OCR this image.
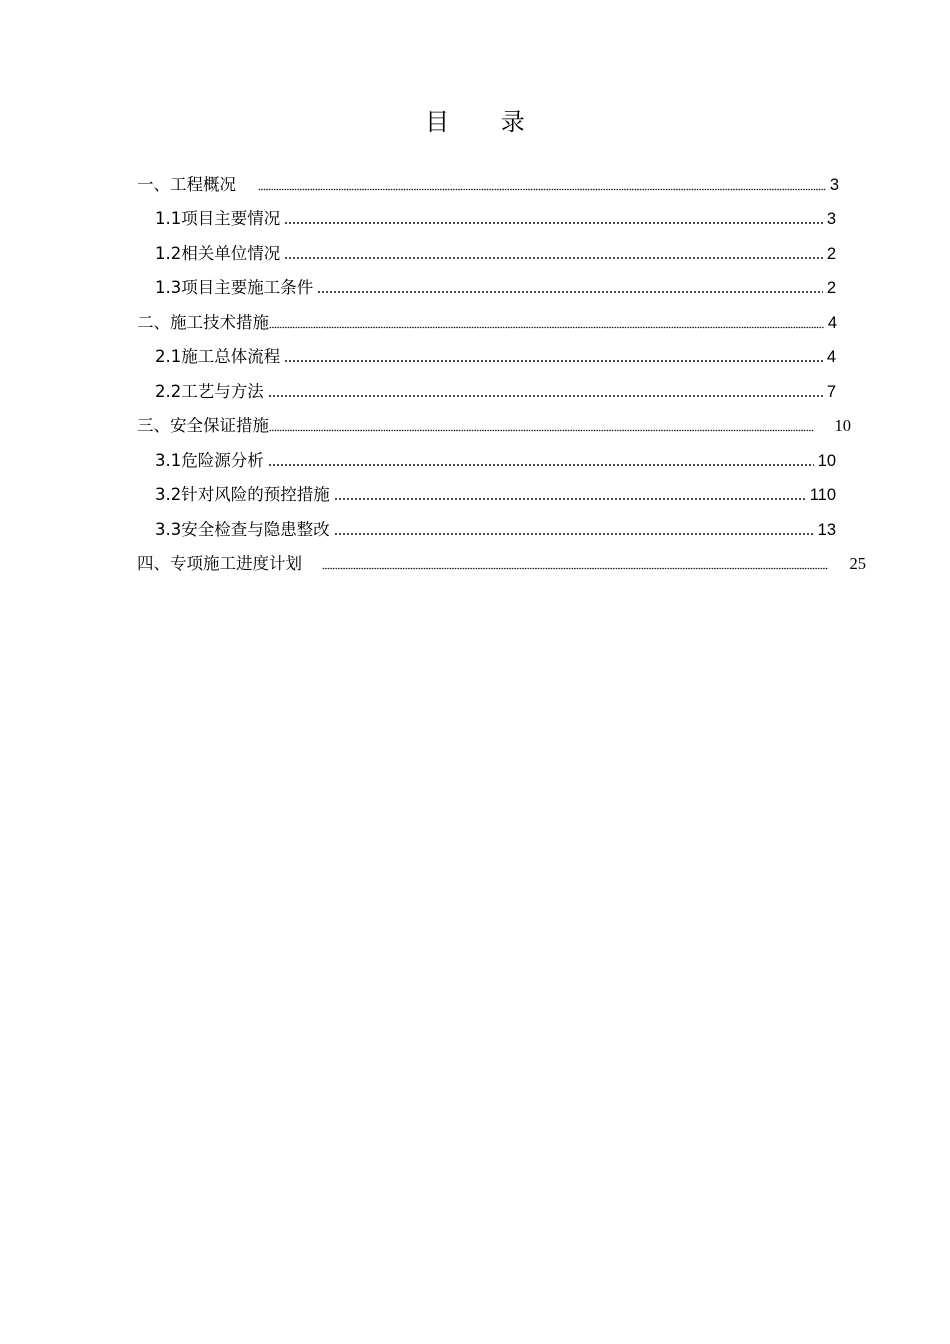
目 录
一、工程概况	3
1.1项目主要情况	3
1.2相关单位情况	2
1.3项目主要施工条件	2
二、施工技术措施	4
2.1施工总体流程	4
2.2工艺与方法	7
三、安全保证措施	10
3.1危险源分析	10
3.2针对风险的预控措施	110
3.3安全检查与隐患整改	13
四、专项施工进度计划	25
